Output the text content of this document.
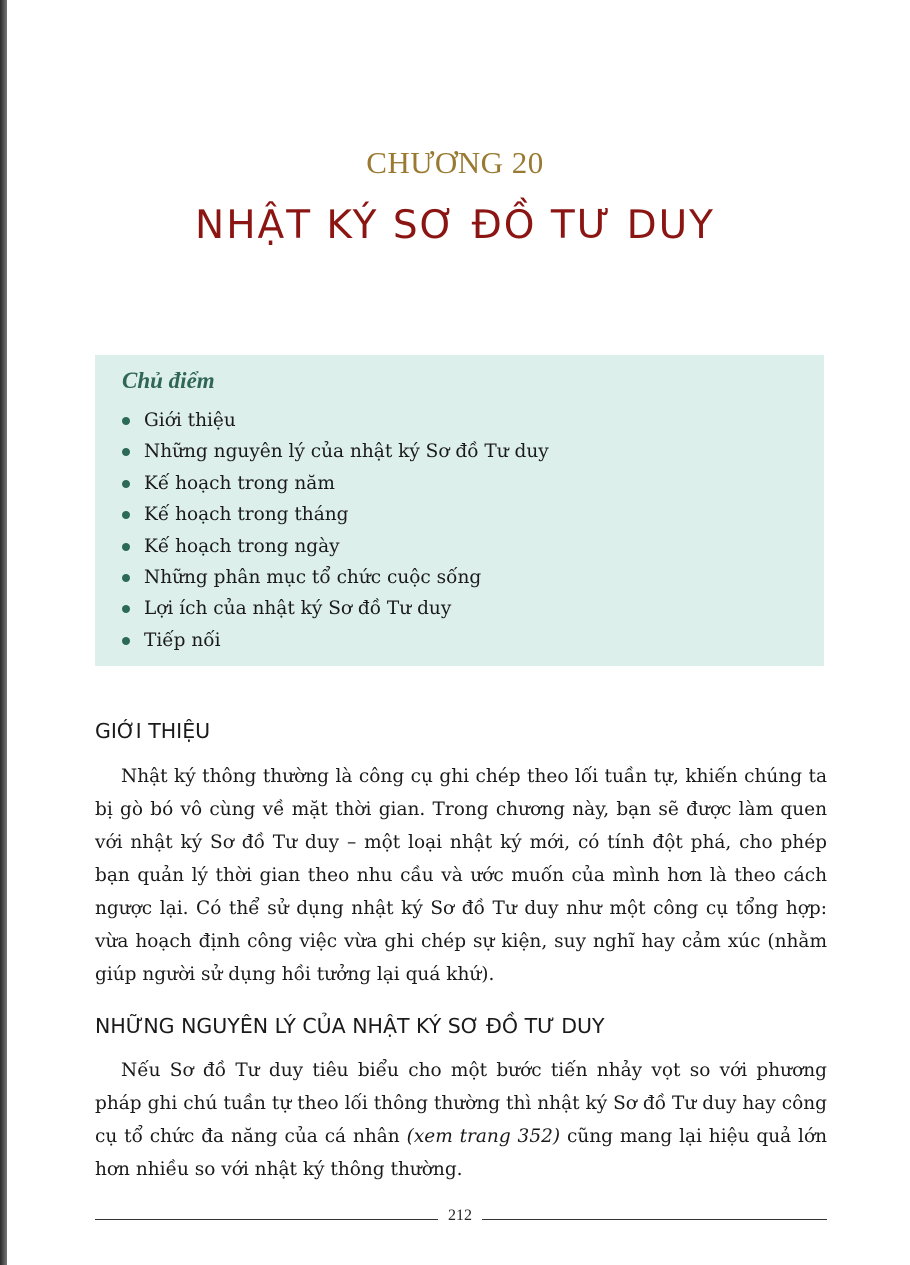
CHƯƠNG 20
NHẬT KÝ SƠ ĐỒ TƯ DUY
Chủ điểm
Giới thiệu
Những nguyên lý của nhật ký Sơ đồ Tư duy
Kế hoạch trong năm
Kế hoạch trong tháng
Kế hoạch trong ngày
Những phân mục tổ chức cuộc sống
Lợi ích của nhật ký Sơ đồ Tư duy
Tiếp nối
GIỚI THIỆU

Nhật ký thông thường là công cụ ghi chép theo lối tuần tự, khiến chúng ta bị gò bó vô cùng về mặt thời gian. Trong chương này, bạn sẽ được làm quen với nhật ký Sơ đồ Tư duy – một loại nhật ký mới, có tính đột phá, cho phép bạn quản lý thời gian theo nhu cầu và ước muốn của mình hơn là theo cách ngược lại. Có thể sử dụng nhật ký Sơ đồ Tư duy như một công cụ tổng hợp: vừa hoạch định công việc vừa ghi chép sự kiện, suy nghĩ hay cảm xúc (nhằm giúp người sử dụng hồi tưởng lại quá khứ).

NHỮNG NGUYÊN LÝ CỦA NHẬT KÝ SƠ ĐỒ TƯ DUY

Nếu Sơ đồ Tư duy tiêu biểu cho một bước tiến nhảy vọt so với phương pháp ghi chú tuần tự theo lối thông thường thì nhật ký Sơ đồ Tư duy hay công cụ tổ chức đa năng của cá nhân (xem trang 352) cũng mang lại hiệu quả lớn hơn nhiều so với nhật ký thông thường.

212
